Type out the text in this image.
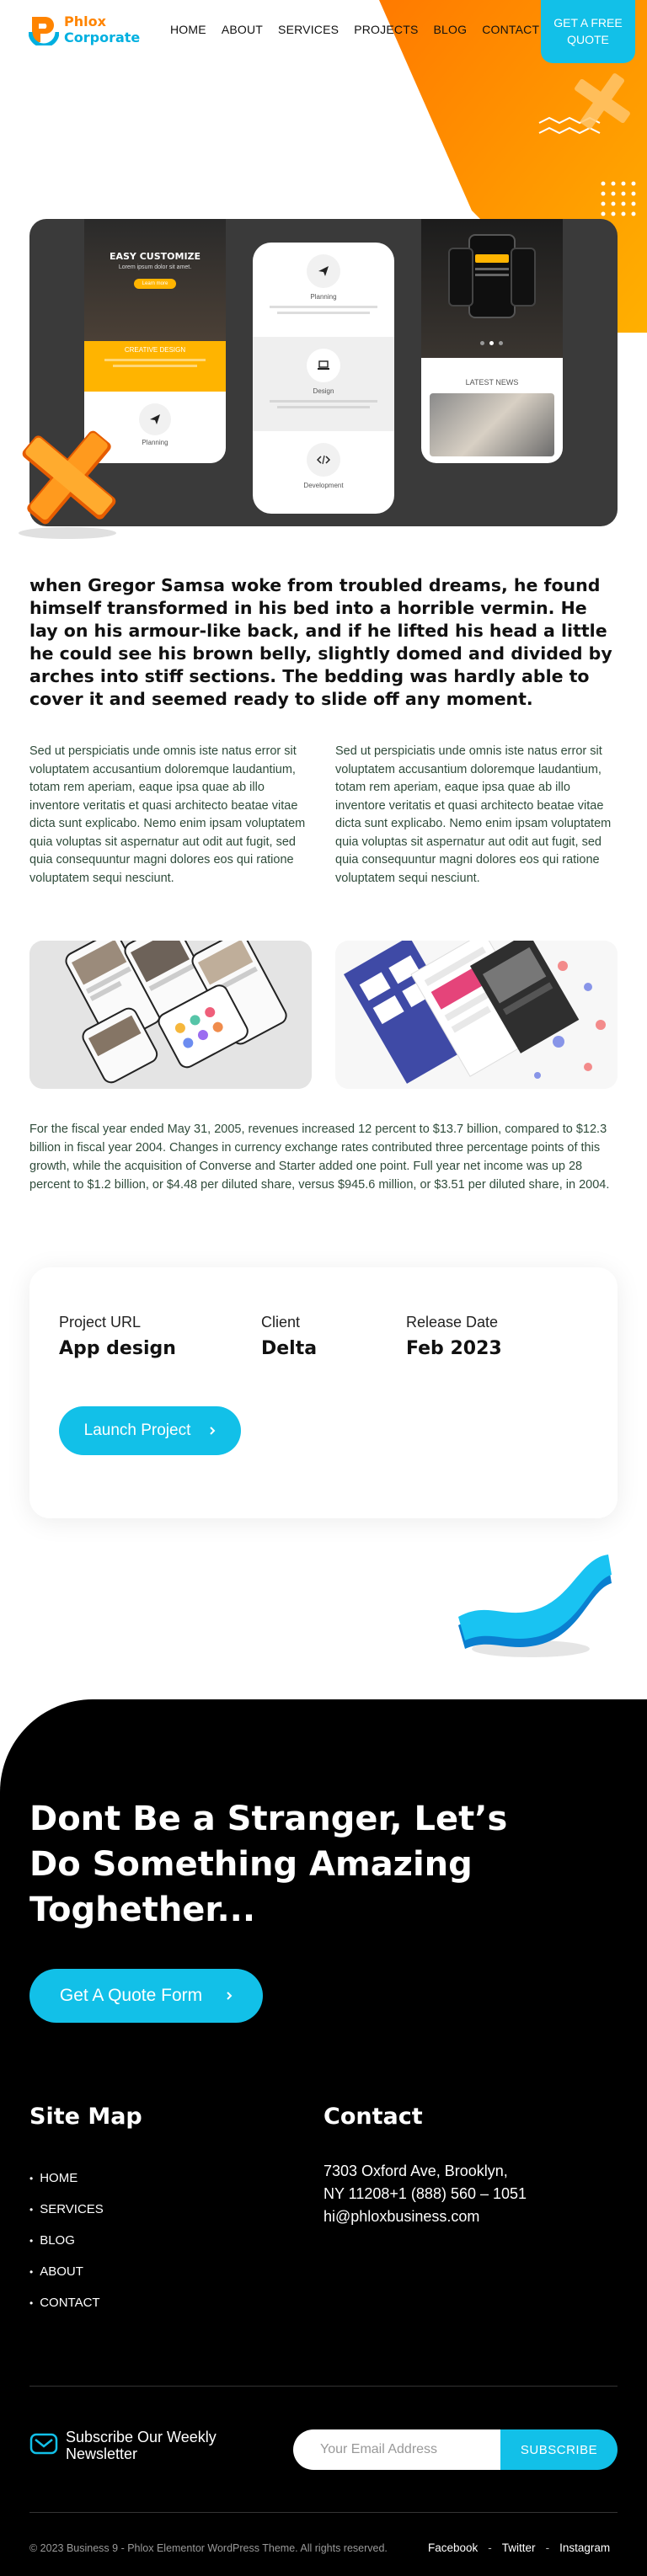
Phlox
Corporate	HOME ABOUT SERVICES PROJECTS BLOG CONTACT	GET A FREE QUOTE
EASY CUSTOMIZE
Lorem ipsum dolor sit amet.
Learn more
CREATIVE DESIGN
Planning
Planning
Design
Development
LATEST NEWS

when Gregor Samsa woke from troubled dreams, he found himself transformed in his bed into a horrible vermin. He lay on his armour-like back, and if he lifted his head a little he could see his brown belly, slightly domed and divided by arches into stiff sections. The bedding was hardly able to cover it and seemed ready to slide off any moment.

Sed ut perspiciatis unde omnis iste natus error sit voluptatem accusantium doloremque laudantium, totam rem aperiam, eaque ipsa quae ab illo inventore veritatis et quasi architecto beatae vitae dicta sunt explicabo. Nemo enim ipsam voluptatem quia voluptas sit aspernatur aut odit aut fugit, sed quia consequuntur magni dolores eos qui ratione voluptatem sequi nesciunt.

Sed ut perspiciatis unde omnis iste natus error sit voluptatem accusantium doloremque laudantium, totam rem aperiam, eaque ipsa quae ab illo inventore veritatis et quasi architecto beatae vitae dicta sunt explicabo. Nemo enim ipsam voluptatem quia voluptas sit aspernatur aut odit aut fugit, sed quia consequuntur magni dolores eos qui ratione voluptatem sequi nesciunt.

For the fiscal year ended May 31, 2005, revenues increased 12 percent to $13.7 billion, compared to $12.3 billion in fiscal year 2004. Changes in currency exchange rates contributed three percentage points of this growth, while the acquisition of Converse and Starter added one point. Full year net income was up 28 percent to $1.2 billion, or $4.48 per diluted share, versus $945.6 million, or $3.51 per diluted share, in 2004.

Project URL
App design
Client
Delta
Release Date
Feb 2023
Launch Project
Dont Be a Stranger, Let’s Do Something Amazing Toghether...
Get A Quote Form
Site Map
• HOME
• SERVICES
• BLOG
• ABOUT
• CONTACT
Contact
7303 Oxford Ave, Brooklyn,
NY 11208+1 (888) 560 – 1051
hi@phloxbusiness.com
Subscribe Our Weekly Newsletter
Your Email Address	SUBSCRIBE
© 2023 Business 9 - Phlox Elementor WordPress Theme. All rights reserved.	Facebook - Twitter - Instagram
